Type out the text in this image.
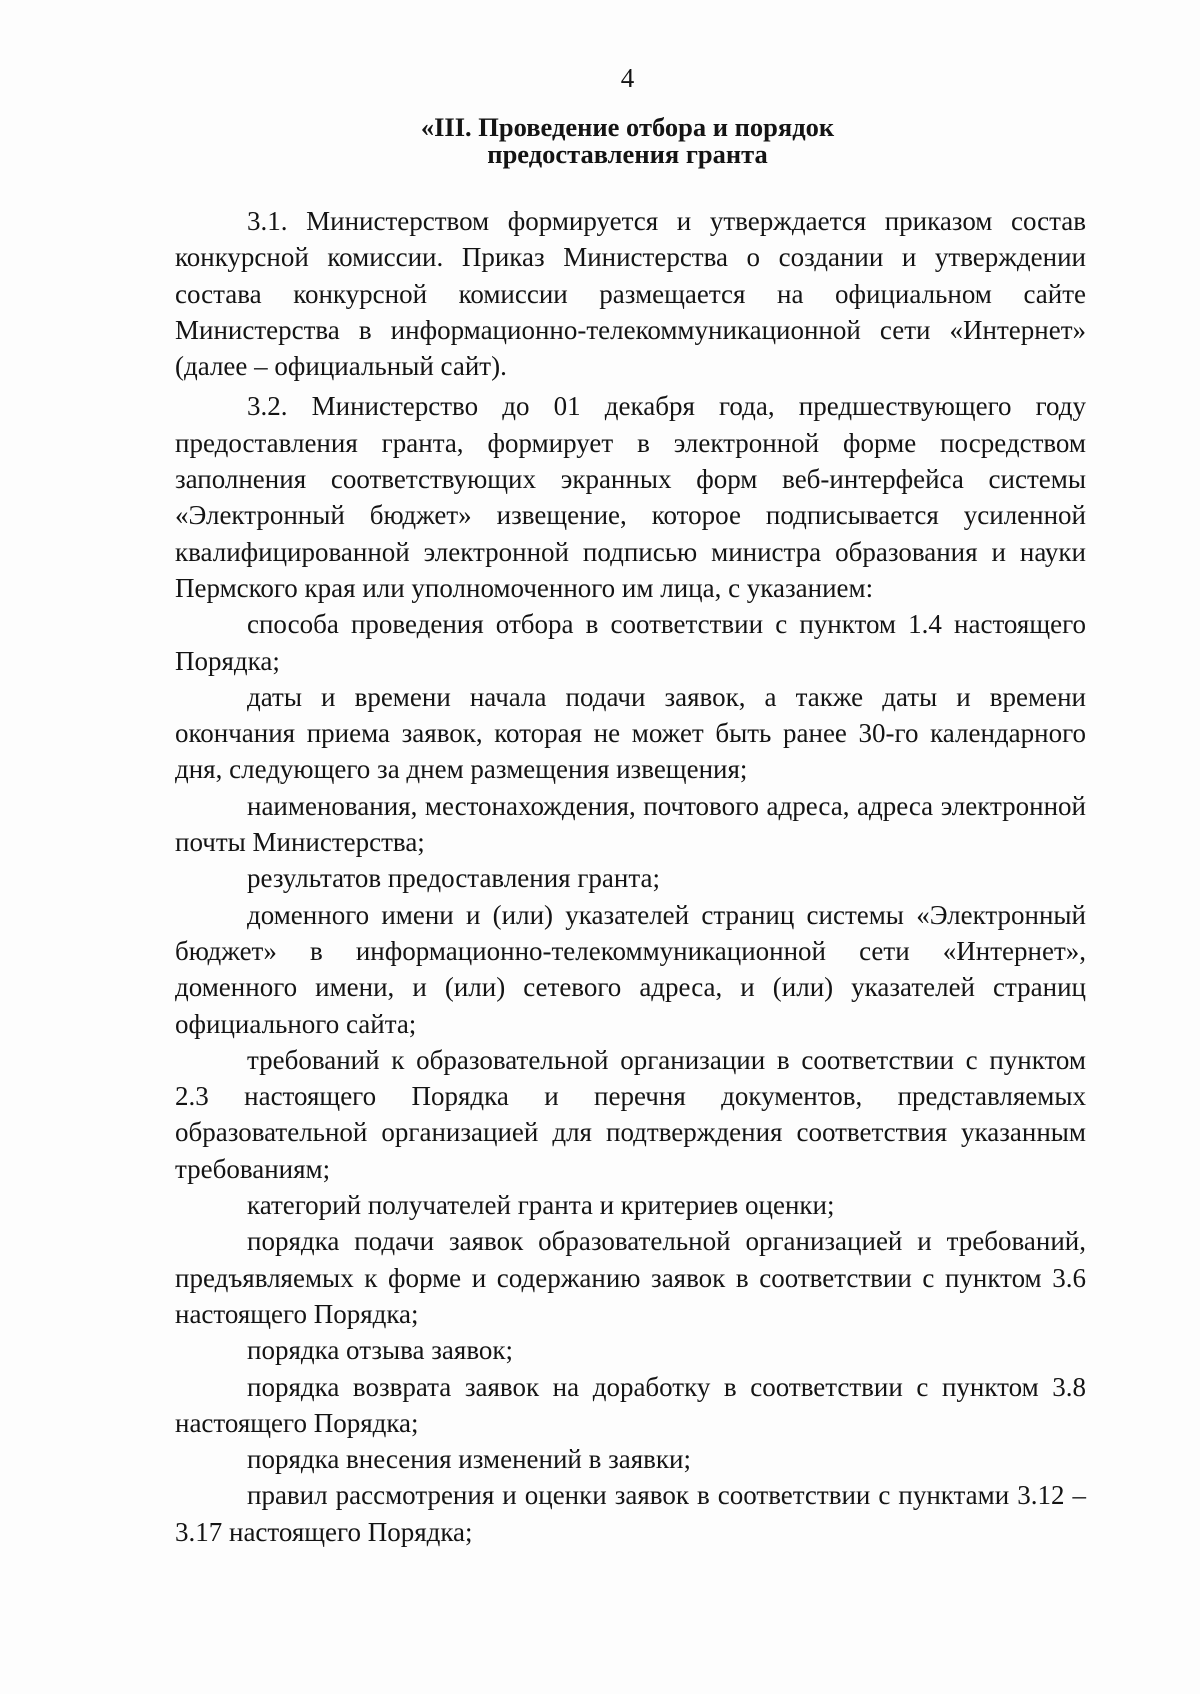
4
«III. Проведение отбора и порядок
предоставления гранта

3.1. Министерством формируется и утверждается приказом состав конкурсной комиссии. Приказ Министерства о создании и утверждении состава конкурсной комиссии размещается на официальном сайте Министерства в информационно-телекоммуникационной сети «Интернет» (далее – официальный сайт).

3.2. Министерство до 01 декабря года, предшествующего году предоставления гранта, формирует в электронной форме посредством заполнения соответствующих экранных форм веб-интерфейса системы «Электронный бюджет» извещение, которое подписывается усиленной квалифицированной электронной подписью министра образования и науки Пермского края или уполномоченного им лица, с указанием:

способа проведения отбора в соответствии с пунктом 1.4 настоящего Порядка;

даты и времени начала подачи заявок, а также даты и времени окончания приема заявок, которая не может быть ранее 30-го календарного дня, следующего за днем размещения извещения;

наименования, местонахождения, почтового адреса, адреса электронной почты Министерства;

результатов предоставления гранта;

доменного имени и (или) указателей страниц системы «Электронный бюджет» в информационно-телекоммуникационной сети «Интернет», доменного имени, и (или) сетевого адреса, и (или) указателей страниц официального сайта;

требований к образовательной организации в соответствии с пунктом 2.3 настоящего Порядка и перечня документов, представляемых образовательной организацией для подтверждения соответствия указанным требованиям;

категорий получателей гранта и критериев оценки;

порядка подачи заявок образовательной организацией и требований, предъявляемых к форме и содержанию заявок в соответствии с пунктом 3.6 настоящего Порядка;

порядка отзыва заявок;

порядка возврата заявок на доработку в соответствии с пунктом 3.8 настоящего Порядка;

порядка внесения изменений в заявки;

правил рассмотрения и оценки заявок в соответствии с пунктами 3.12 – 3.17 настоящего Порядка;
